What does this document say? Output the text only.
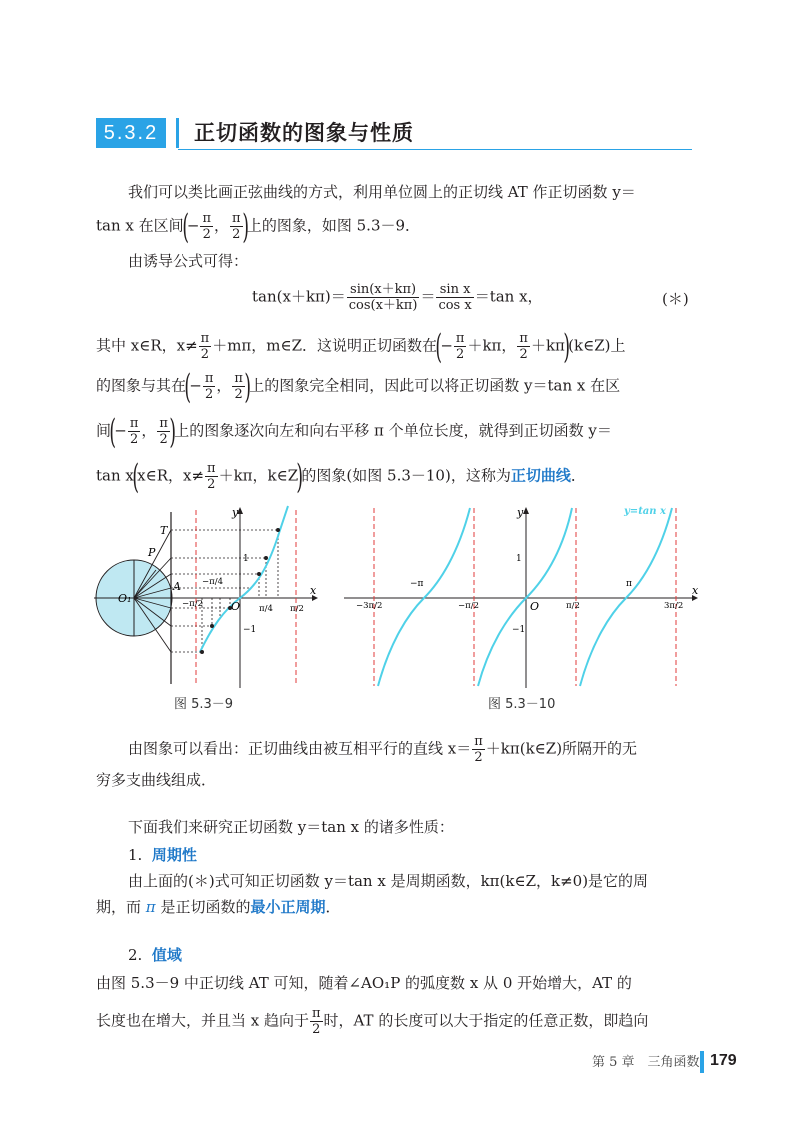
5.3.2	正切函数的图象与性质
我们可以类比画正弦曲线的方式，利用单位圆上的正切线 AT 作正切函数 y＝
tan x 在区间(− $\frac{\pi}{2}$ ， $\frac{\pi}{2}$ )上的图象，如图 5.3－9．
由诱导公式可得：
$\tan(x+k\pi)= \frac{\sin(x+k\pi)}{\cos(x+k\pi)} = \frac{\text{sin x}}{\text{cos x}} =\tan$ x，	(＊)
其中 x∈R，$x\ne \frac{\pi}{2} +m\pi$，m∈Z．这说明正切函数在(− $\frac{\pi}{2} +k\pi$， $\frac{\pi}{2}$ ＋kπ)(k∈Z)上
的图象与其在(− $\frac{\pi}{2}$ ， $\frac{\pi}{2}$ )上的图象完全相同，因此可以将正切函数 y＝tan x 在区
间(− $\frac{\pi}{2}$ ， $\frac{\pi}{2}$ )上的图象逐次向左和向右平移 π 个单位长度，就得到正切函数 y＝
tan x(x∈R，$x\ne \frac{\pi}{2} +k\pi$，k∈Z)的图象(如图 5.3－10)，这称为正切曲线．
T
P
A
O₁
O
y
x
1
−1
−π/2
−π/4
π/4 π/2
图 5.3－9
y
x
O
1
−1
−π	π
y=tan x
−3π/2	−π/2	π/2	3π/2
图 5.3－10
由图象可以看出：正切曲线由被互相平行的直线 $x= \frac{\pi}{2}$ ＋kπ(k∈Z)所隔开的无
穷多支曲线组成．
下面我们来研究正切函数 y＝tan x 的诸多性质：
1. 周期性
由上面的(＊)式可知正切函数 y＝tan x 是周期函数，kπ(k∈Z，k≠0)是它的周
期，而 π 是正切函数的最小正周期．
2. 值域
由图 5.3－9 中正切线 AT 可知，随着∠AO₁P 的弧度数 x 从 0 开始增大，AT 的
长度也在增大，并且当 x 趋向于 $\frac{\pi}{2}$ 时，AT 的长度可以大于指定的任意正数，即趋向
第 5 章　三角函数 179
